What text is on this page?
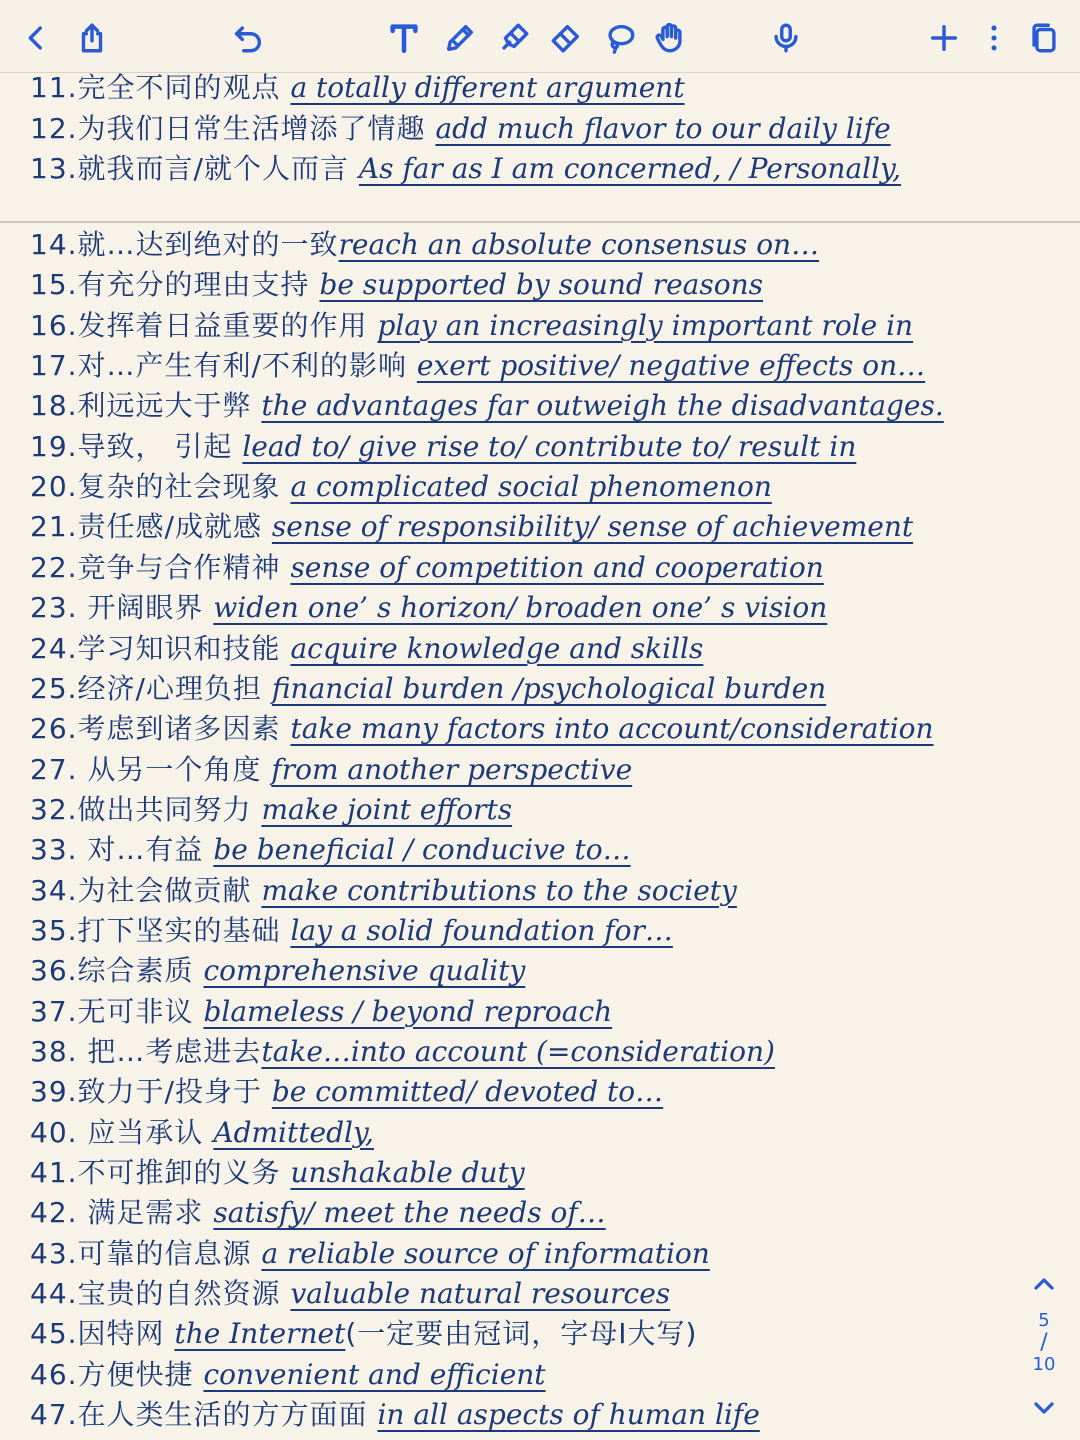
11.完全不同的观点 a totally different argument
12.为我们日常生活增添了情趣 add much flavor to our daily life
13.就我而言/就个人而言 As far as I am concerned, / Personally,
14.就…达到绝对的一致reach an absolute consensus on…
15.有充分的理由支持 be supported by sound reasons
16.发挥着日益重要的作用 play an increasingly important role in
17.对…产生有利/不利的影响 exert positive/ negative effects on…
18.利远远大于弊 the advantages far outweigh the disadvantages.
19.导致， 引起 lead to/ give rise to/ contribute to/ result in
20.复杂的社会现象 a complicated social phenomenon
21.责任感/成就感 sense of responsibility/ sense of achievement
22.竞争与合作精神 sense of competition and cooperation
23. 开阔眼界 widen one’ s horizon/ broaden one’ s vision
24.学习知识和技能 acquire knowledge and skills
25.经济/心理负担 financial burden /psychological burden
26.考虑到诸多因素 take many factors into account/consideration
27. 从另一个角度 from another perspective
32.做出共同努力 make joint efforts
33. 对…有益 be beneficial / conducive to…
34.为社会做贡献 make contributions to the society
35.打下坚实的基础 lay a solid foundation for…
36.综合素质 comprehensive quality
37.无可非议 blameless / beyond reproach
38. 把…考虑进去take…into account (=consideration)
39.致力于/投身于 be committed/ devoted to…
40. 应当承认 Admittedly,
41.不可推卸的义务 unshakable duty
42. 满足需求 satisfy/ meet the needs of…
43.可靠的信息源 a reliable source of information
44.宝贵的自然资源 valuable natural resources
45.因特网 the Internet(一定要由冠词，字母I大写)
46.方便快捷 convenient and efficient
47.在人类生活的方方面面 in all aspects of human life
5
/
10
